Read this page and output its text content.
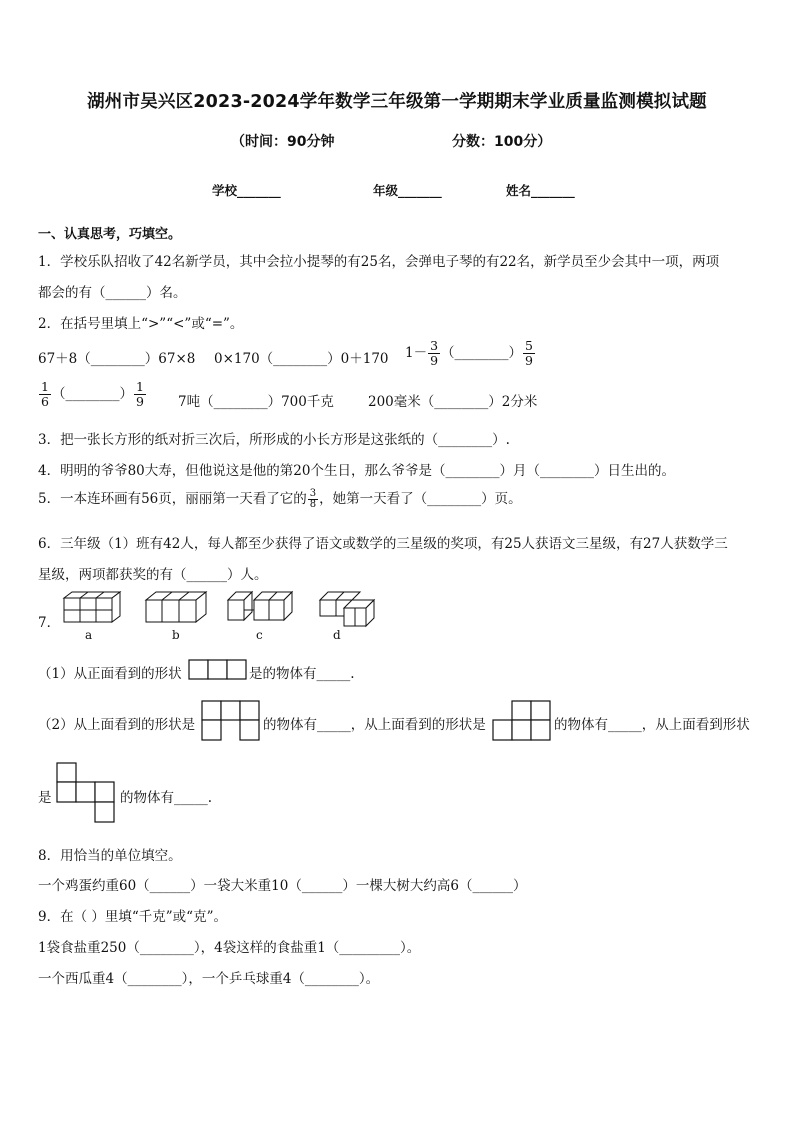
湖州市吴兴区2023-2024学年数学三年级第一学期期末学业质量监测模拟试题
（时间：90分钟	分数：100分）
学校_______	年级_______	姓名_______
一、认真思考，巧填空。
1．学校乐队招收了42名新学员，其中会拉小提琴的有25名，会弹电子琴的有22名，新学员至少会其中一项，两项
都会的有（______）名。
2．在括号里填上“>”“<”或“=”。
67＋8（________）67×8 0×170（________）0＋170 $1- \frac{3}{9}$ （________） $\frac{5}{9}$
$\frac{1}{6}$ （________） $\frac{1}{9} 7$吨（________）700千克	200毫米（________）2分米
3．把一张长方形的纸对折三次后，所形成的小长方形是这张纸的（________）.
4．明明的爷爷80大寿，但他说这是他的第20个生日，那么爷爷是（________）月（________）日生出的。
5．一本连环画有56页，丽丽第一天看了它的 $\frac{3}{8}$ ，她第一天看了（________）页。
6．三年级（1）班有42人，每人都至少获得了语文或数学的三星级的奖项，有25人获语文三星级，有27人获数学三
星级，两项都获奖的有（______）人。
7．
a	b	c	d
（1）从正面看到的形状	是的物体有_____.
（2）从上面看到的形状是	的物体有_____，从上面看到的形状是	的物体有_____，从上面看到形状
是	的物体有_____.
8．用恰当的单位填空。
一个鸡蛋约重60（______）一袋大米重10（______）一棵大树大约高6（______）
9．在（ ）里填“千克”或“克”。
1袋食盐重250（________），4袋这样的食盐重1（_________）。
一个西瓜重4（________），一个乒乓球重4（________）。
